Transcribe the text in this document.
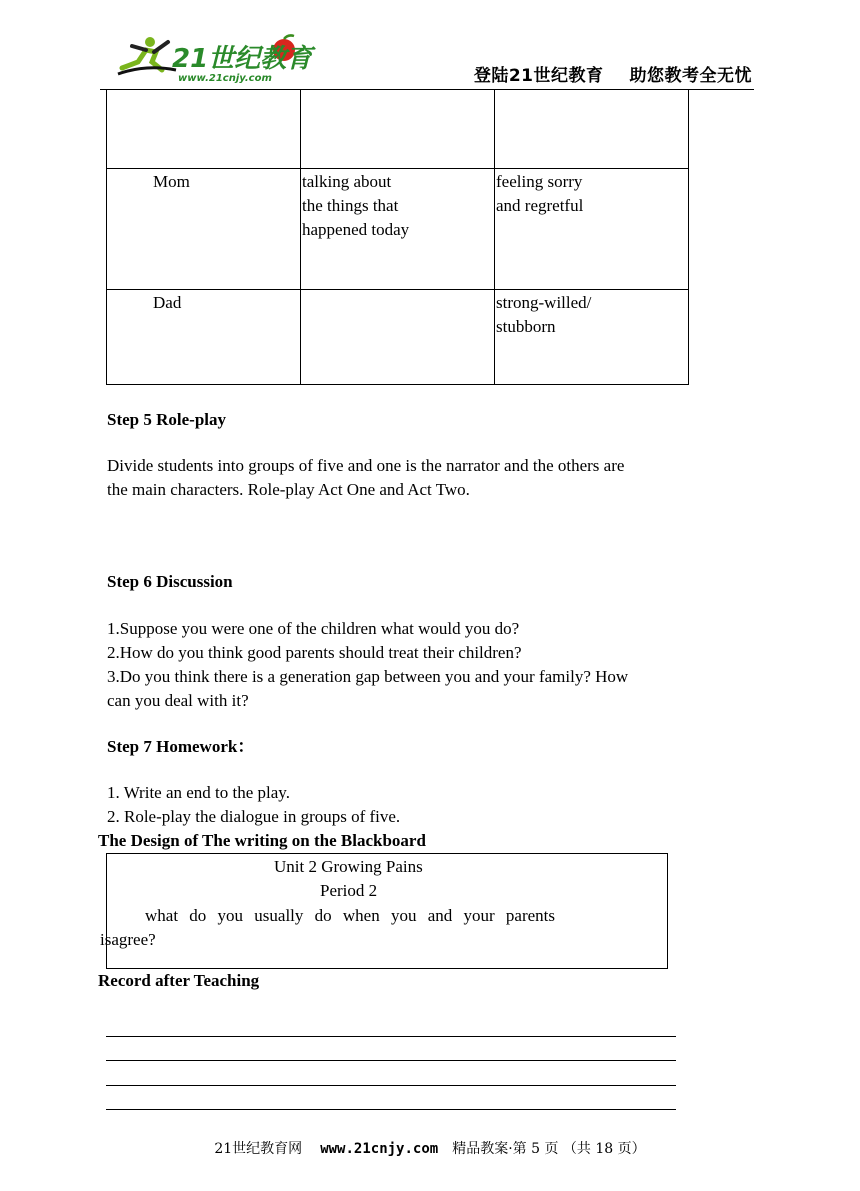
21世纪教育
www.21cnjy.com	登陆21世纪教育 助您教考全无忧

Mom	talking about
the things that
happened today	feeling sorry
and regretful

Dad		strong-willed/
stubborn
Step 5 Role-play
Divide students into groups of five and one is the narrator and the others are
the main characters. Role-play Act One and Act Two.
Step 6 Discussion
1.Suppose you were one of the children what would you do?
2.How do you think good parents should treat their children?
3.Do you think there is a generation gap between you and your family? How
can you deal with it?
Step 7 Homework：
1. Write an end to the play.
2. Role-play the dialogue in groups of five.
The Design of The writing on the Blackboard
Unit 2 Growing Pains
Period 2
what do you usually do when you and your parents
isagree?
Record after Teaching
21世纪教育网 www.21cnjy.com 精品教案·第 5 页 （共 18 页）
